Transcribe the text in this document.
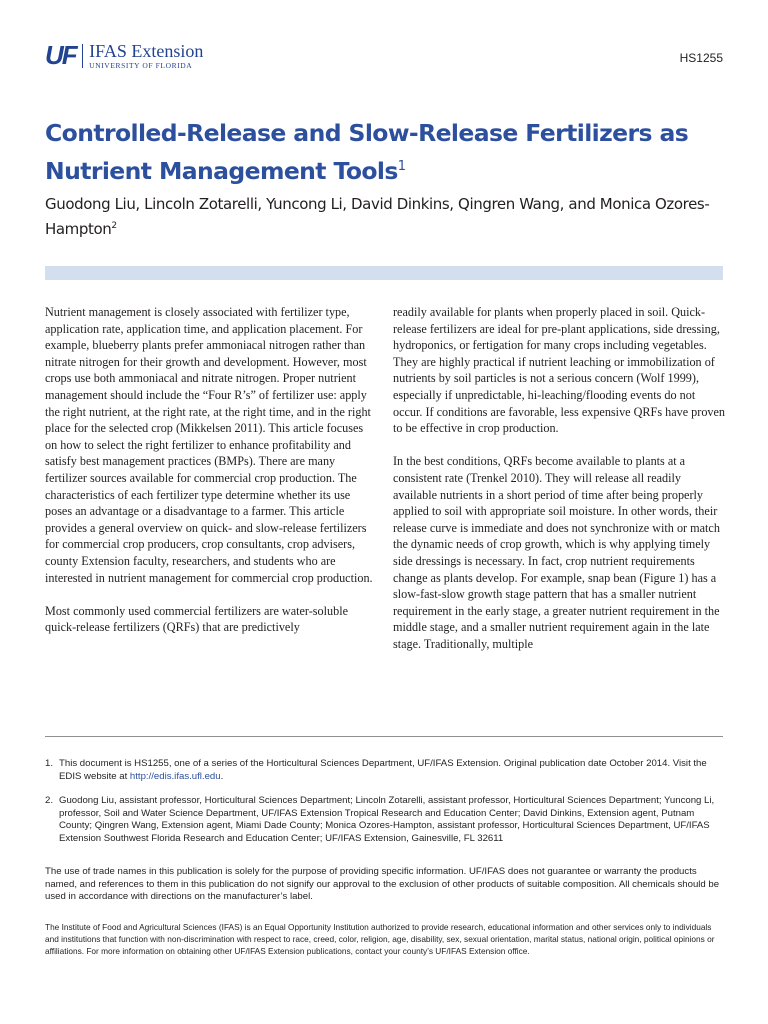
UF IFAS Extension
UNIVERSITY OF FLORIDA
HS1255
Controlled-Release and Slow-Release Fertilizers as Nutrient Management Tools$^1$

Guodong Liu, Lincoln Zotarelli, Yuncong Li, David Dinkins, Qingren Wang, and Monica Ozores-Hampton$^2$

Nutrient management is closely associated with fertilizer type, application rate, application time, and application placement. For example, blueberry plants prefer ammoniacal nitrogen rather than nitrate nitrogen for their growth and development. However, most crops use both ammoniacal and nitrate nitrogen. Proper nutrient management should include the “Four R’s” of fertilizer use: apply the right nutrient, at the right rate, at the right time, and in the right place for the selected crop (Mikkelsen 2011). This article focuses on how to select the right fertilizer to enhance profitability and satisfy best management practices (BMPs). There are many fertilizer sources available for commercial crop production. The characteristics of each fertilizer type determine whether its use poses an advantage or a disadvantage to a farmer. This article provides a general overview on quick- and slow-release fertilizers for commercial crop producers, crop consultants, crop advisers, county Extension faculty, researchers, and students who are interested in nutrient management for commercial crop production.

Most commonly used commercial fertilizers are water-soluble quick-release fertilizers (QRFs) that are predictively

readily available for plants when properly placed in soil. Quick-release fertilizers are ideal for pre-plant applications, side dressing, hydroponics, or fertigation for many crops including vegetables. They are highly practical if nutrient leaching or immobilization of nutrients by soil particles is not a serious concern (Wolf 1999), especially if unpredictable, hi-leaching/flooding events do not occur. If conditions are favorable, less expensive QRFs have proven to be effective in crop production.

In the best conditions, QRFs become available to plants at a consistent rate (Trenkel 2010). They will release all readily available nutrients in a short period of time after being properly applied to soil with appropriate soil moisture. In other words, their release curve is immediate and does not synchronize with or match the dynamic needs of crop growth, which is why applying timely side dressings is necessary. In fact, crop nutrient requirements change as plants develop. For example, snap bean (Figure 1) has a slow-fast-slow growth stage pattern that has a smaller nutrient requirement in the early stage, a greater nutrient requirement in the middle stage, and a smaller nutrient requirement again in the late stage. Traditionally, multiple

1. This document is HS1255, one of a series of the Horticultural Sciences Department, UF/IFAS Extension. Original publication date October 2014. Visit the EDIS website at http://edis.ifas.ufl.edu.
2. Guodong Liu, assistant professor, Horticultural Sciences Department; Lincoln Zotarelli, assistant professor, Horticultural Sciences Department; Yuncong Li, professor, Soil and Water Science Department, UF/IFAS Extension Tropical Research and Education Center; David Dinkins, Extension agent, Putnam County; Qingren Wang, Extension agent, Miami Dade County; Monica Ozores-Hampton, assistant professor, Horticultural Sciences Department, UF/IFAS Extension Southwest Florida Research and Education Center; UF/IFAS Extension, Gainesville, FL 32611

The use of trade names in this publication is solely for the purpose of providing specific information. UF/IFAS does not guarantee or warranty the products named, and references to them in this publication do not signify our approval to the exclusion of other products of suitable composition. All chemicals should be used in accordance with directions on the manufacturer’s label.

The Institute of Food and Agricultural Sciences (IFAS) is an Equal Opportunity Institution authorized to provide research, educational information and other services only to individuals and institutions that function with non-discrimination with respect to race, creed, color, religion, age, disability, sex, sexual orientation, marital status, national origin, political opinions or affiliations. For more information on obtaining other UF/IFAS Extension publications, contact your county’s UF/IFAS Extension office.
